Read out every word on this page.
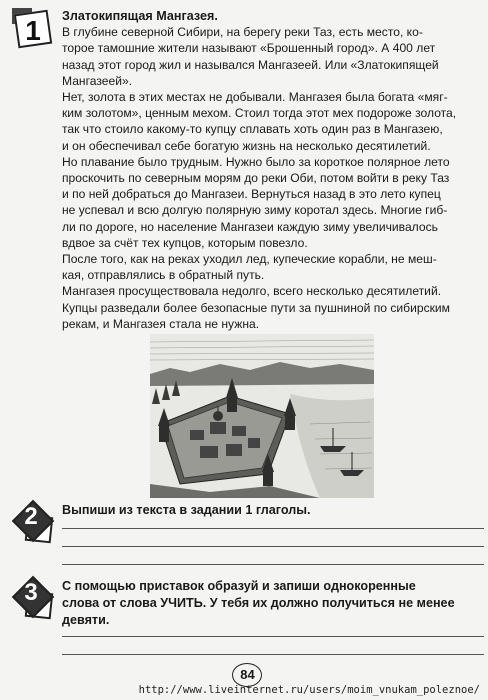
1	Златокипящая Мангазея.

В глубине северной Сибири, на берегу реки Таз, есть место, ко-

торое тамошние жители называют «Брошенный город». А 400 лет

назад этот город жил и назывался Мангазеей. Или «Златокипящей

Мангазеей».

Нет, золота в этих местах не добывали. Мангазея была богата «мяг-

ким золотом», ценным мехом. Стоил тогда этот мех подороже золота,

так что стоило какому-то купцу сплавать хоть один раз в Мангазею,

и он обеспечивал себе богатую жизнь на несколько десятилетий.

Но плавание было трудным. Нужно было за короткое полярное лето

проскочить по северным морям до реки Оби, потом войти в реку Таз

и по ней добраться до Мангазеи. Вернуться назад в это лето купец

не успевал и всю долгую полярную зиму коротал здесь. Многие гиб-

ли по дороге, но население Мангазеи каждую зиму увеличивалось

вдвое за счёт тех купцов, которым повезло.

После того, как на реках уходил лед, купеческие корабли, не меш-

кая, отправлялись в обратный путь.

Мангазея просуществовала недолго, всего несколько десятилетий.

Купцы разведали более безопасные пути за пушниной по сибирским

рекам, и Мангазея стала не нужна.

2	Выпиши из текста в задании 1 глаголы.
3	С помощью приставок образуй и запиши однокоренные
слова от слова УЧИТЬ. У тебя их должно получиться не менее
девяти.
84
http://www.liveinternet.ru/users/moim_vnukam_poleznoe/
